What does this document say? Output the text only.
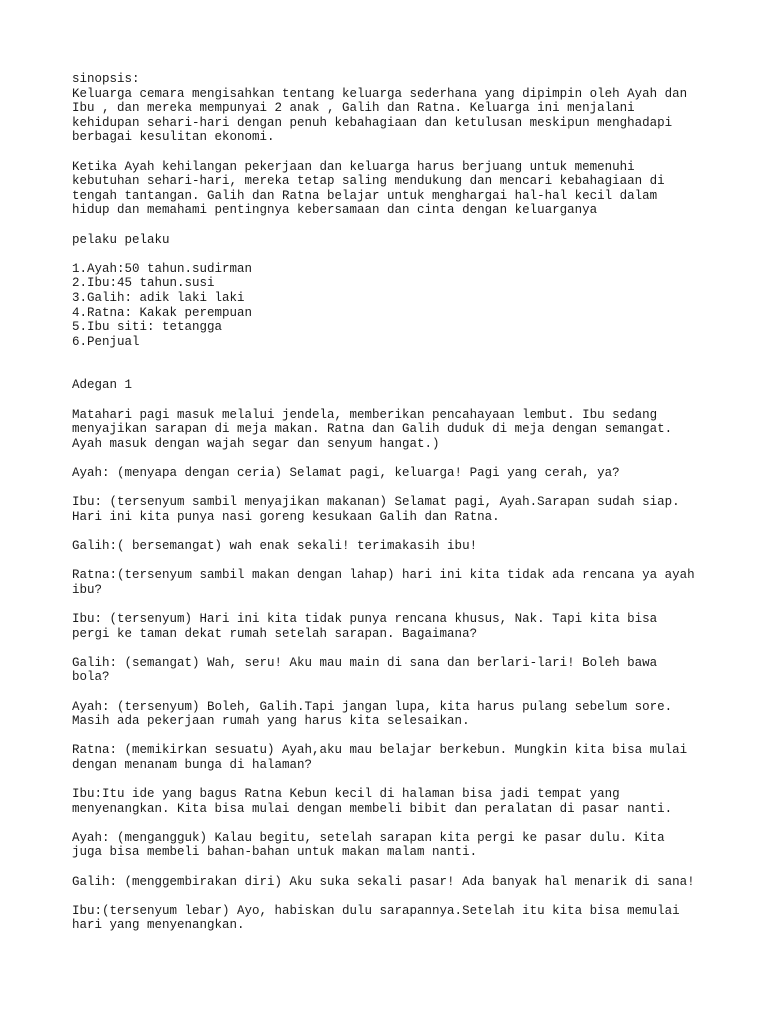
sinopsis:
Keluarga cemara mengisahkan tentang keluarga sederhana yang dipimpin oleh Ayah dan
Ibu , dan mereka mempunyai 2 anak , Galih dan Ratna. Keluarga ini menjalani
kehidupan sehari-hari dengan penuh kebahagiaan dan ketulusan meskipun menghadapi
berbagai kesulitan ekonomi.
Ketika Ayah kehilangan pekerjaan dan keluarga harus berjuang untuk memenuhi
kebutuhan sehari-hari, mereka tetap saling mendukung dan mencari kebahagiaan di
tengah tantangan. Galih dan Ratna belajar untuk menghargai hal-hal kecil dalam
hidup dan memahami pentingnya kebersamaan dan cinta dengan keluarganya
pelaku pelaku
1.Ayah:50 tahun.sudirman
2.Ibu:45 tahun.susi
3.Galih: adik laki laki
4.Ratna: Kakak perempuan
5.Ibu siti: tetangga
6.Penjual
Adegan 1
Matahari pagi masuk melalui jendela, memberikan pencahayaan lembut. Ibu sedang
menyajikan sarapan di meja makan. Ratna dan Galih duduk di meja dengan semangat.
Ayah masuk dengan wajah segar dan senyum hangat.)
Ayah: (menyapa dengan ceria) Selamat pagi, keluarga! Pagi yang cerah, ya?
Ibu: (tersenyum sambil menyajikan makanan) Selamat pagi, Ayah.Sarapan sudah siap.
Hari ini kita punya nasi goreng kesukaan Galih dan Ratna.
Galih:( bersemangat) wah enak sekali! terimakasih ibu!
Ratna:(tersenyum sambil makan dengan lahap) hari ini kita tidak ada rencana ya ayah
ibu?
Ibu: (tersenyum) Hari ini kita tidak punya rencana khusus, Nak. Tapi kita bisa
pergi ke taman dekat rumah setelah sarapan. Bagaimana?
Galih: (semangat) Wah, seru! Aku mau main di sana dan berlari-lari! Boleh bawa
bola?
Ayah: (tersenyum) Boleh, Galih.Tapi jangan lupa, kita harus pulang sebelum sore.
Masih ada pekerjaan rumah yang harus kita selesaikan.
Ratna: (memikirkan sesuatu) Ayah,aku mau belajar berkebun. Mungkin kita bisa mulai
dengan menanam bunga di halaman?
Ibu:Itu ide yang bagus Ratna Kebun kecil di halaman bisa jadi tempat yang
menyenangkan. Kita bisa mulai dengan membeli bibit dan peralatan di pasar nanti.
Ayah: (mengangguk) Kalau begitu, setelah sarapan kita pergi ke pasar dulu. Kita
juga bisa membeli bahan-bahan untuk makan malam nanti.
Galih: (menggembirakan diri) Aku suka sekali pasar! Ada banyak hal menarik di sana!
Ibu:(tersenyum lebar) Ayo, habiskan dulu sarapannya.Setelah itu kita bisa memulai
hari yang menyenangkan.
